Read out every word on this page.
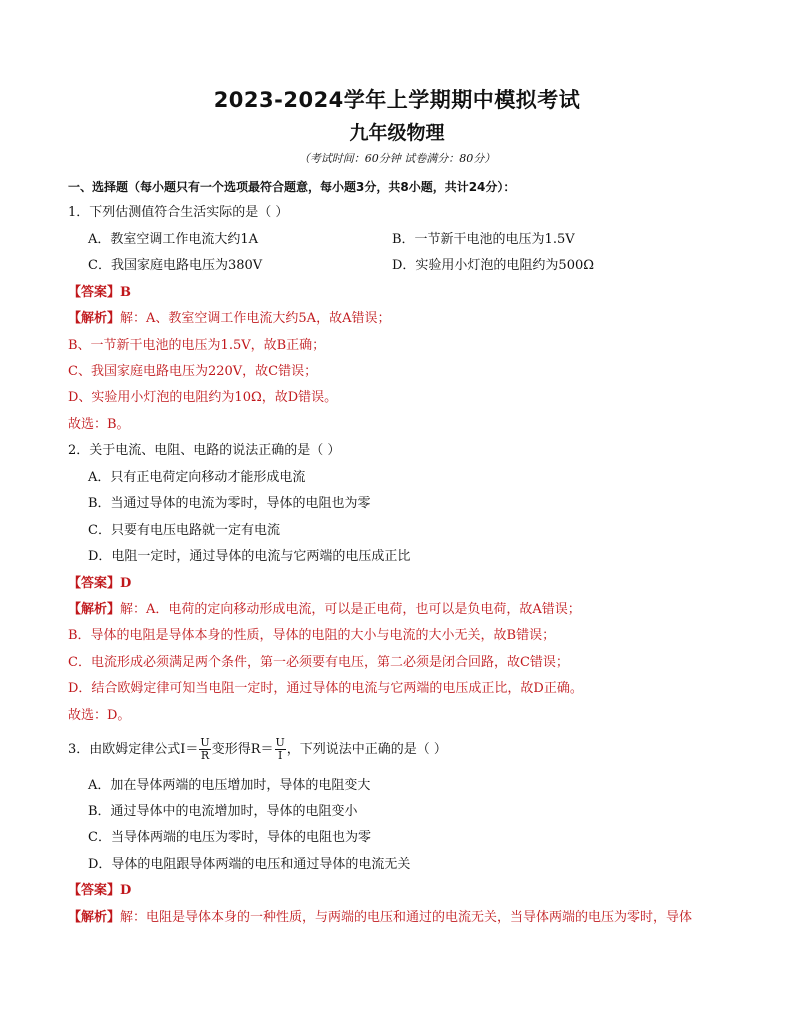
2023-2024学年上学期期中模拟考试
九年级物理
（考试时间：60分钟 试卷满分：80分）
一、选择题（每小题只有一个选项最符合题意，每小题3分，共8小题，共计24分）：
1．下列估测值符合生活实际的是（ ）
A．教室空调工作电流大约1A	B．一节新干电池的电压为1.5V
C．我国家庭电路电压为380V	D．实验用小灯泡的电阻约为500Ω
【答案】B
【解析】解：A、教室空调工作电流大约5A，故A错误；
B、一节新干电池的电压为1.5V，故B正确；
C、我国家庭电路电压为220V，故C错误；
D、实验用小灯泡的电阻约为10Ω，故D错误。
故选：B。
2．关于电流、电阻、电路的说法正确的是（ ）
A．只有正电荷定向移动才能形成电流
B．当通过导体的电流为零时，导体的电阻也为零
C．只要有电压电路就一定有电流
D．电阻一定时，通过导体的电流与它两端的电压成正比
【答案】D
【解析】解：A．电荷的定向移动形成电流，可以是正电荷，也可以是负电荷，故A错误；
B．导体的电阻是导体本身的性质，导体的电阻的大小与电流的大小无关，故B错误；
C．电流形成必须满足两个条件，第一必须要有电压，第二必须是闭合回路，故C错误；
D．结合欧姆定律可知当电阻一定时，通过导体的电流与它两端的电压成正比，故D正确。
故选：D。
3．由欧姆定律公式$I= \frac{U}{R}$ 变形得$R= \frac{U}{I}$ ，下列说法中正确的是（ ）
A．加在导体两端的电压增加时，导体的电阻变大
B．通过导体中的电流增加时，导体的电阻变小
C．当导体两端的电压为零时，导体的电阻也为零
D．导体的电阻跟导体两端的电压和通过导体的电流无关
【答案】D
【解析】解：电阻是导体本身的一种性质，与两端的电压和通过的电流无关，当导体两端的电压为零时，导体
